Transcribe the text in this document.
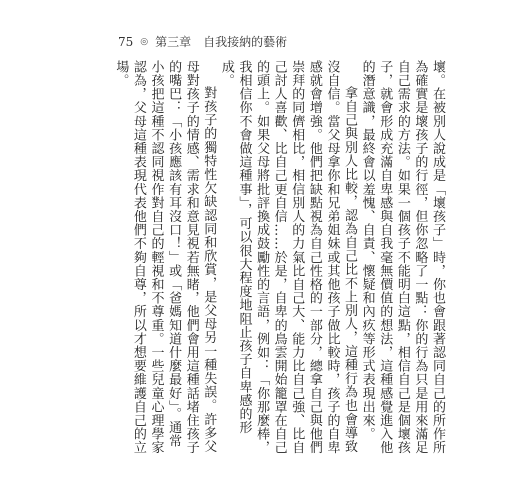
75 ◎ 第三章　自我接納的藝術

壞。在被別人說成是「壞孩子」時，你也會跟著認同自己的所作所為確實是壞孩子的行徑，但你忽略了一點：你的行為只是用來滿足自己需求的方法。如果一個孩子不能明白這點，相信自己是個壞孩子，就會形成充滿自卑感與自我毫無價值的想法，這種感覺進入他的潛意識，最終會以羞愧、自責、懷疑和內疚等形式表現出來。

拿自己與別人比較，認為自己比不上別人，這種行為也會導致沒自信。當父母拿你和兄弟姐妹或其他孩子做比較時，孩子的自卑感就會增強。他們把缺點視為自己性格的一部分，總拿自己與他們崇拜的同儕相比，相信別人的力氣比自己大、能力比自己強、比自己討人喜歡、比自己更自信……於是，自卑的鳥雲開始籠罩在自己的頭上。如果父母將批評換成鼓勵性的言語，例如：「你那麼棒，我相信你不會做這種事」，可以很大程度地阻止孩子自卑感的形成。

對孩子的獨特性欠缺認同和欣賞，是父母另一種失誤。許多父母對孩子的情感、需求和意見視若無睹，他們會用這種話堵住孩子的嘴巴：「小孩應該有耳沒口！」或「爸媽知道什麼最好」。通常小孩把這種不認同視作對自己的輕視和不尊重。一些兒童心理學家認為，父母這種表現代表他們不夠自尊，所以才想要維護自己的立場。
